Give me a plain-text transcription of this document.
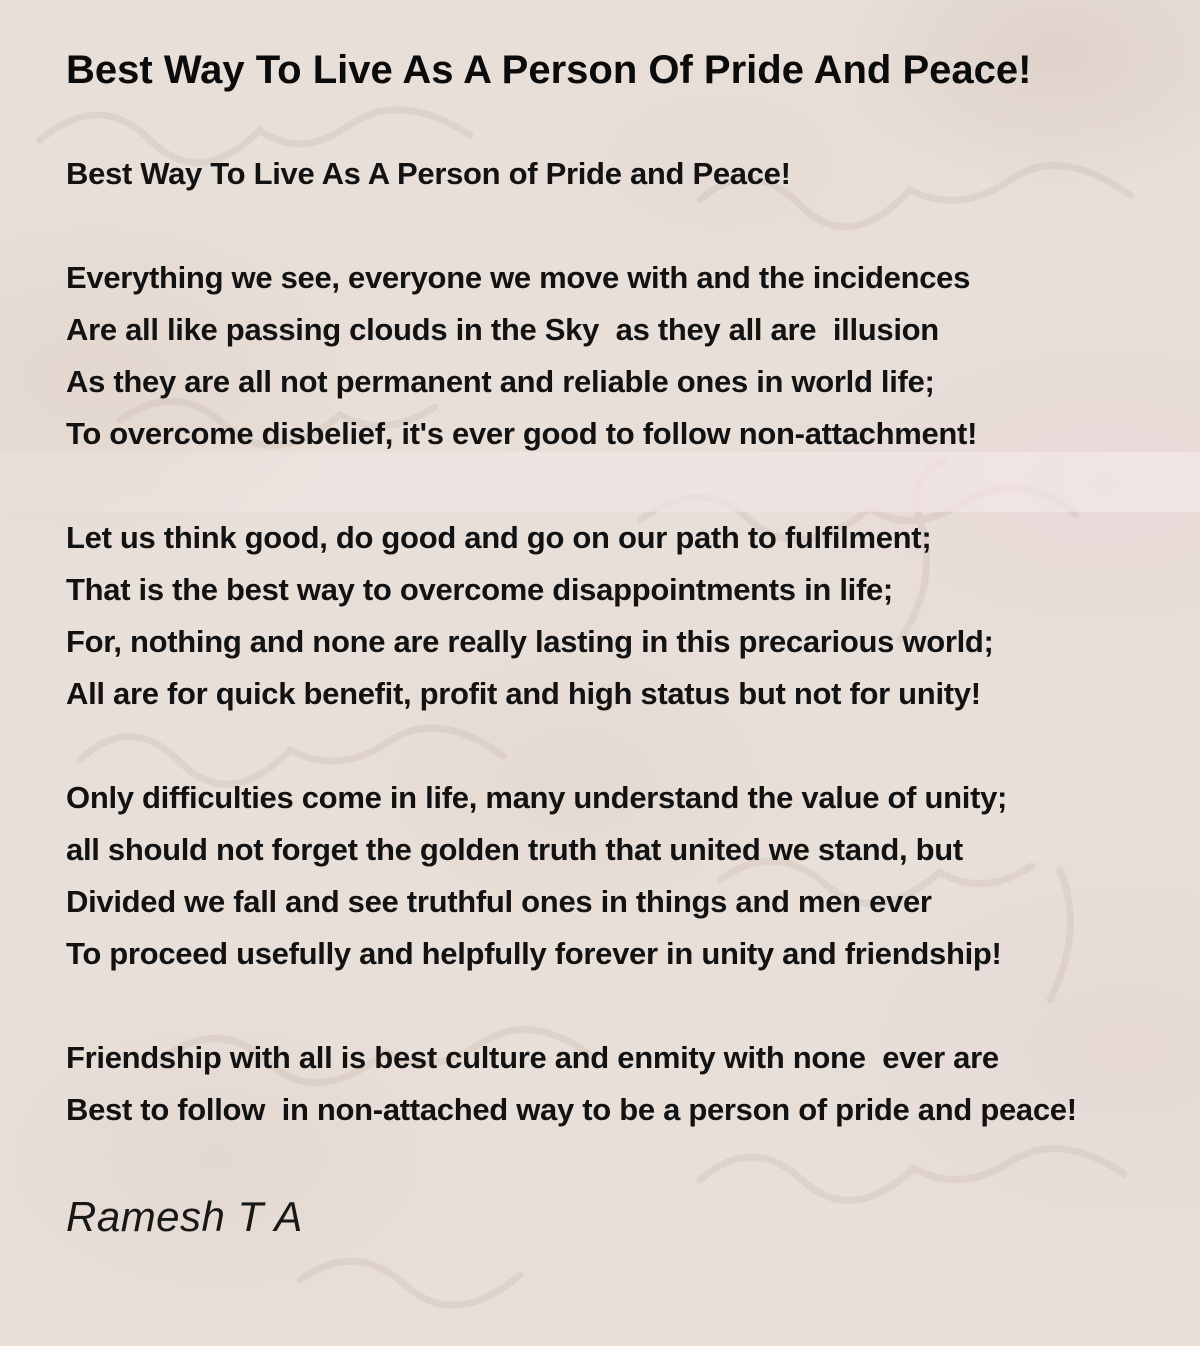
Best Way To Live As A Person Of Pride And Peace!

Best Way To Live As A Person of Pride and Peace!

Everything we see, everyone we move with and the incidences

Are all like passing clouds in the Sky  as they all are  illusion

As they are all not permanent and reliable ones in world life;

To overcome disbelief, it's ever good to follow non-attachment!

Let us think good, do good and go on our path to fulfilment;

That is the best way to overcome disappointments in life;

For, nothing and none are really lasting in this precarious world;

All are for quick benefit, profit and high status but not for unity!

Only difficulties come in life, many understand the value of unity;

all should not forget the golden truth that united we stand, but

Divided we fall and see truthful ones in things and men ever

To proceed usefully and helpfully forever in unity and friendship!

Friendship with all is best culture and enmity with none  ever are

Best to follow  in non-attached way to be a person of pride and peace!

Ramesh T A
